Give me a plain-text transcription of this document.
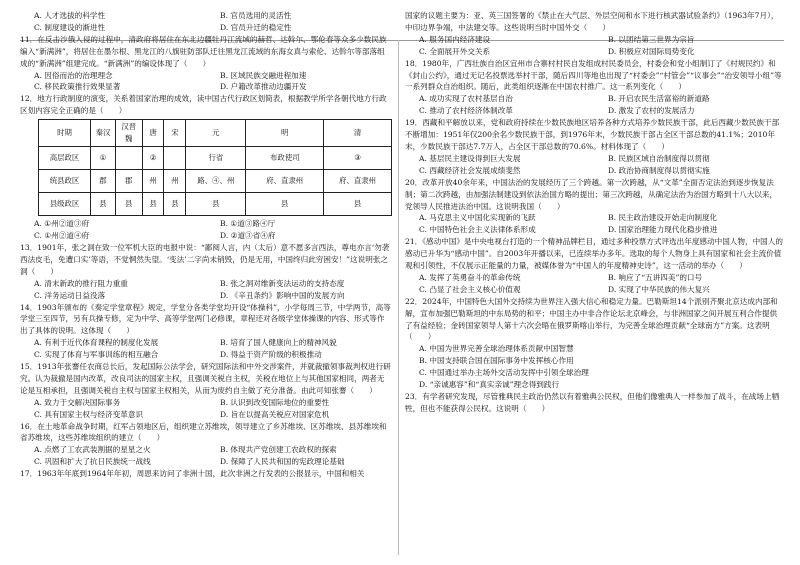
A. 人才选拔的科学性	B. 官员选用的灵活性
C. 制度建设的渐进性	D. 官员升迁的稳定性

11．在反击沙俄入侵的过程中，清政府将居住在东北边疆牡丹江流域的赫哲、达斡尔、鄂伦春等众多少数民族编入“新满洲”，将居住在墨尔根、黑龙江的八旗驻防部队迁往黑龙江流域的东海女真与索伦、达斡尔等部落组成的“新满洲”组建完成。“新满洲”的编设体现了（　　）

A. 因俗而治的治理理念	B. 区域民族交融进程加速
C. 移民政策推行效果显著	D. 户籍改革推动边疆开发

12．地方行政制度的演变，关系着国家治理的成效，读中国古代行政区划简表，根据教学所学各朝代地方行政区划内容完全正确的是（　　）

时期	秦汉	汉晋魏	唐	宋	元	明	清
高层政区	①		②		行省	布政使司	③
统县政区	郡	郡	州	州	路、④、州	府、直隶州	府、直隶州
县级政区	县	县	县	县	县	县	县
A. ①州②道③府	B. ①道③路④厅
C. ①州②道④府	D. ②道③省④府

13．1901年，张之洞在致一位军机大臣的电报中说：“鄙阅人言，内（太后）意不愿多言西法，尊电亦言‘勿袭西法皮毛，免遭口实’等语，不觉惘然失望。‘变法’二字尚未销毁，仍是无用，中国终归此穷困安！”这说明张之洞（　　）

A. 清末新政的推行阻力重重	B. 张之洞对维新变法运动的支持态度
C. 洋务运动日益没落	D. 《辛丑条约》影响中国的发展方向

14．1903年颁布的《奏定学堂章程》规定，学堂分各类学堂均开设“体操科”，小学每周三节，中学两节，高等学堂三至四节，另有兵操专修，定为中学、高等学堂两门必修课，章程还对各级学堂体操课的内容、形式等作出了具体的说明。这体现（　　）

A. 有利于近代体育课程的制度化发展	B. 培育了国人健康向上的精神风貌
C. 实现了体育与军事训练的相互融合	D. 得益于资产阶级的积极推动

15．1913年张謇任农商总长后，发起国际公法学会，研究国际法和中外交涉案件，并就裁撤领事裁判权进行研究。认为裁撤是国内改革，改良司法的国家主权，且强调关税自主权，关税在地位上与其他国家相同，两者无论是互相承担，且强调关税自主权与国家主权相关，从而为废约自主做了充分准备。由此可知张謇（　　）

A. 致力于交解决国际事务	B. 认识到改变国际地位的重要性
C. 具有国家主权与经济变革意识	D. 旨在以提高关税应对国家危机

16．在土地革命战争时期，红军占领地区后，组织建立苏维埃，领导建立了乡苏维埃、区苏维埃、县苏维埃和省苏维埃，这些苏维埃组织的建立（　　）

A. 点燃了工农武装割据的星星之火	B. 体现共产党创建工农政权的探索
C. 巩固和扩大了抗日民族统一战线	D. 保障了人民共和国的宪政理论基础

17．1963年年底到1964年年初，周恩来访问了非洲十国，此次非洲之行发表的公报显示，中国和相关

国家的议题主要为：亚、英三国签署的《禁止在大气层、外层空间和水下进行核武器试验条约》（1963年7月），中印边界争端，中法建交等。这些说明当时中国外交（　　）

A. 服务国内经济建设	B. 以团结第三世界为宗旨
C. 全面展开外交关系	D. 积极应对国际局势变化

18．1980年，广西壮族自治区宜州市合寨村村民自发组成村民委员会，村委会和党小组制订了《村规民约》和《封山公约》，通过无记名投票选举村干部，随后四川等地也出现了“村委会”“村管会”“议事会”“治安领导小组”等一系列群众自治组织。随后，此类组织逐渐在中国农村推广。这一系列变化（　　）

A. 成功实现了农村基层自治	B. 开启农民生活富裕的新道路
C. 推动了农村经济体制改革	D. 激发了农村的发展活力

19．西藏和平解放以来，党和政府持续在少数民族地区培养各种方式培养少数民族干部，此后西藏少数民族干部不断增加：1951年仅200余名少数民族干部，到1976年末，少数民族干部占全区干部总数的41.1%；2010年末，少数民族干部达7.7万人，占全区干部总数的70.6%。材料体现了（　　）

A. 基层民主建设得到巨大发展	B. 民族区域自治制度得以贯彻
C. 西藏经济社会发展成绩斐然	D. 政治协商制度得以贯彻实施

20．改革开放40余年来，中国法治的发展经历了三个跨越。第一次跨越，从“文革”全面否定法治到逐步恢复法制；第二次跨越，由加强法制建设到依法治国方略的提出；第三次跨越，从确定法治为治国方略到十八大以来，党领导人民推进法治中国。这说明我国（　　）

A. 马克思主义中国化实现新的飞跃	B. 民主政治建设开始走向制度化
C. 中国特色社会主义法律体系形成	D. 国家治理能力现代化稳步推进

21．《感动中国》是中央电视台打造的一个精神品牌栏目，通过多种投票方式评选出年度感动中国人物，中国人的感动已升华为“感动中国”。自2003年开播以来，已连续举办多年。选取的每个人物身上具有国家和社会主流价值观和引领性，不仅展示正能量的力量，被媒体誉为“中国人的年度精神史诗”，这一活动的举办（　　）

A. 发挥了英勇奋斗的革命传统	B. 响应了“五讲四美”的口号
C. 凸显了社会主义核心价值观	D. 实现了中华民族的伟大复兴

22．2024年，中国特色大国外交持续为世界注入强大信心和稳定力量。巴勒斯坦14个派别齐聚北京达成内部和解，宣布加强巴勒斯坦的中东局势的和平；中国主办中非合作论坛北京峰会，与非洲国家之间开展互利合作提供了有益经验；金砖国家领导人第十六次会晤在俄罗斯喀山举行，为完善全球治理贡献“全球南方”方案。这表明（　　）

A. 中国为世界完善全球治理体系贡献中国智慧
B. 中国支持联合国在国际事务中发挥核心作用
C. 中国通过举办主场外交活动发挥中引领全球治理
D. “亲诚惠容”和“真实亲诚”理念得到践行

23．有学者研究发现，尽管雅典民主政治仍然以有着雅典公民权，但他们像雅典人一样参加了战斗，在战场上牺牲，但也不能获得公民权。这说明（　　）
